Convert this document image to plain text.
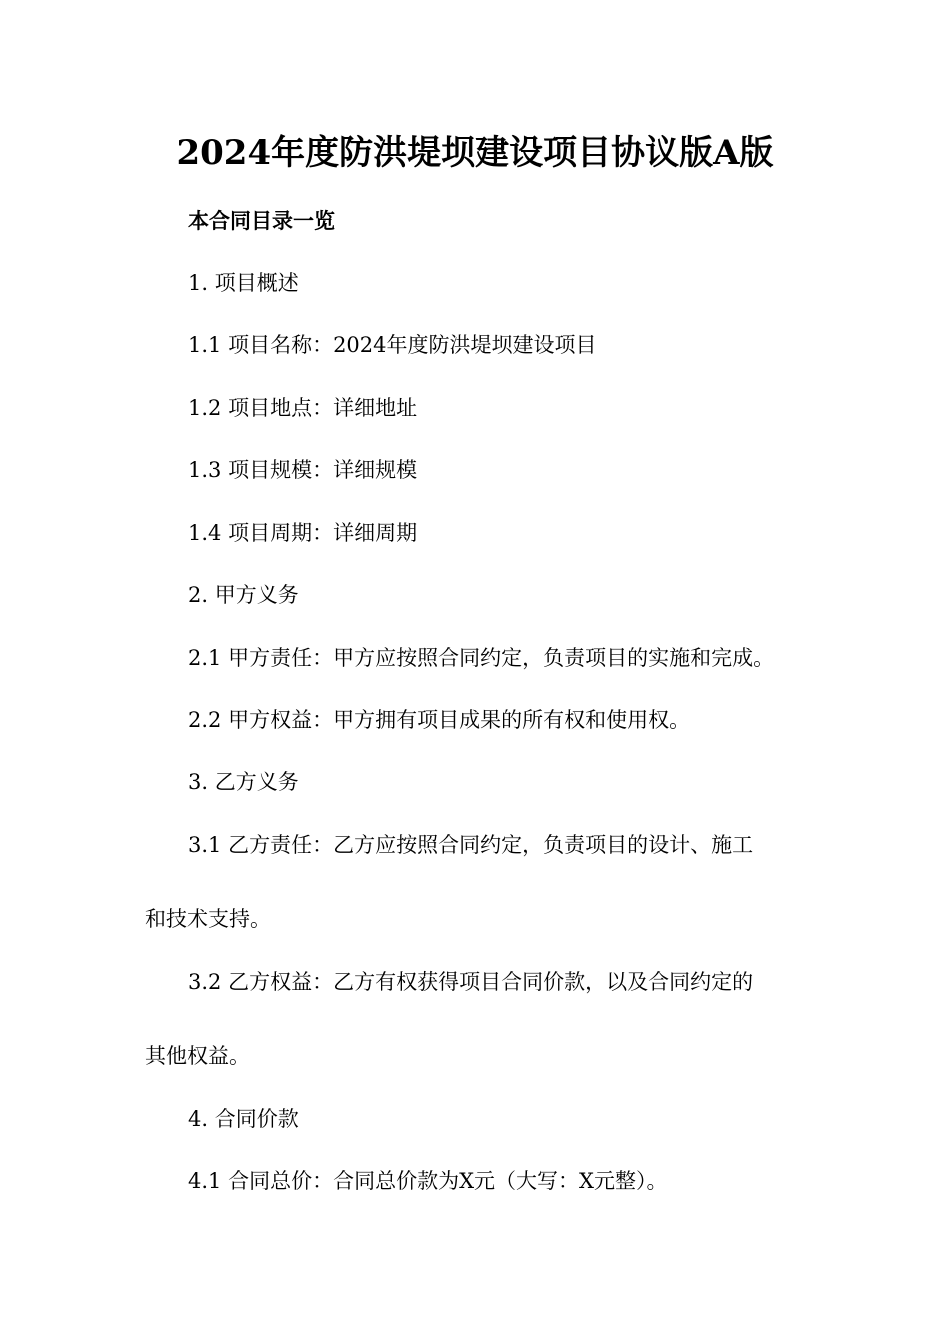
2024年度防洪堤坝建设项目协议版A版
本合同目录一览
1. 项目概述
1.1 项目名称：2024年度防洪堤坝建设项目
1.2 项目地点：详细地址
1.3 项目规模：详细规模
1.4 项目周期：详细周期
2. 甲方义务
2.1 甲方责任：甲方应按照合同约定，负责项目的实施和完成。
2.2 甲方权益：甲方拥有项目成果的所有权和使用权。
3. 乙方义务
3.1 乙方责任：乙方应按照合同约定，负责项目的设计、施工
和技术支持。
3.2 乙方权益：乙方有权获得项目合同价款，以及合同约定的
其他权益。
4. 合同价款
4.1 合同总价：合同总价款为X元（大写：X元整）。
